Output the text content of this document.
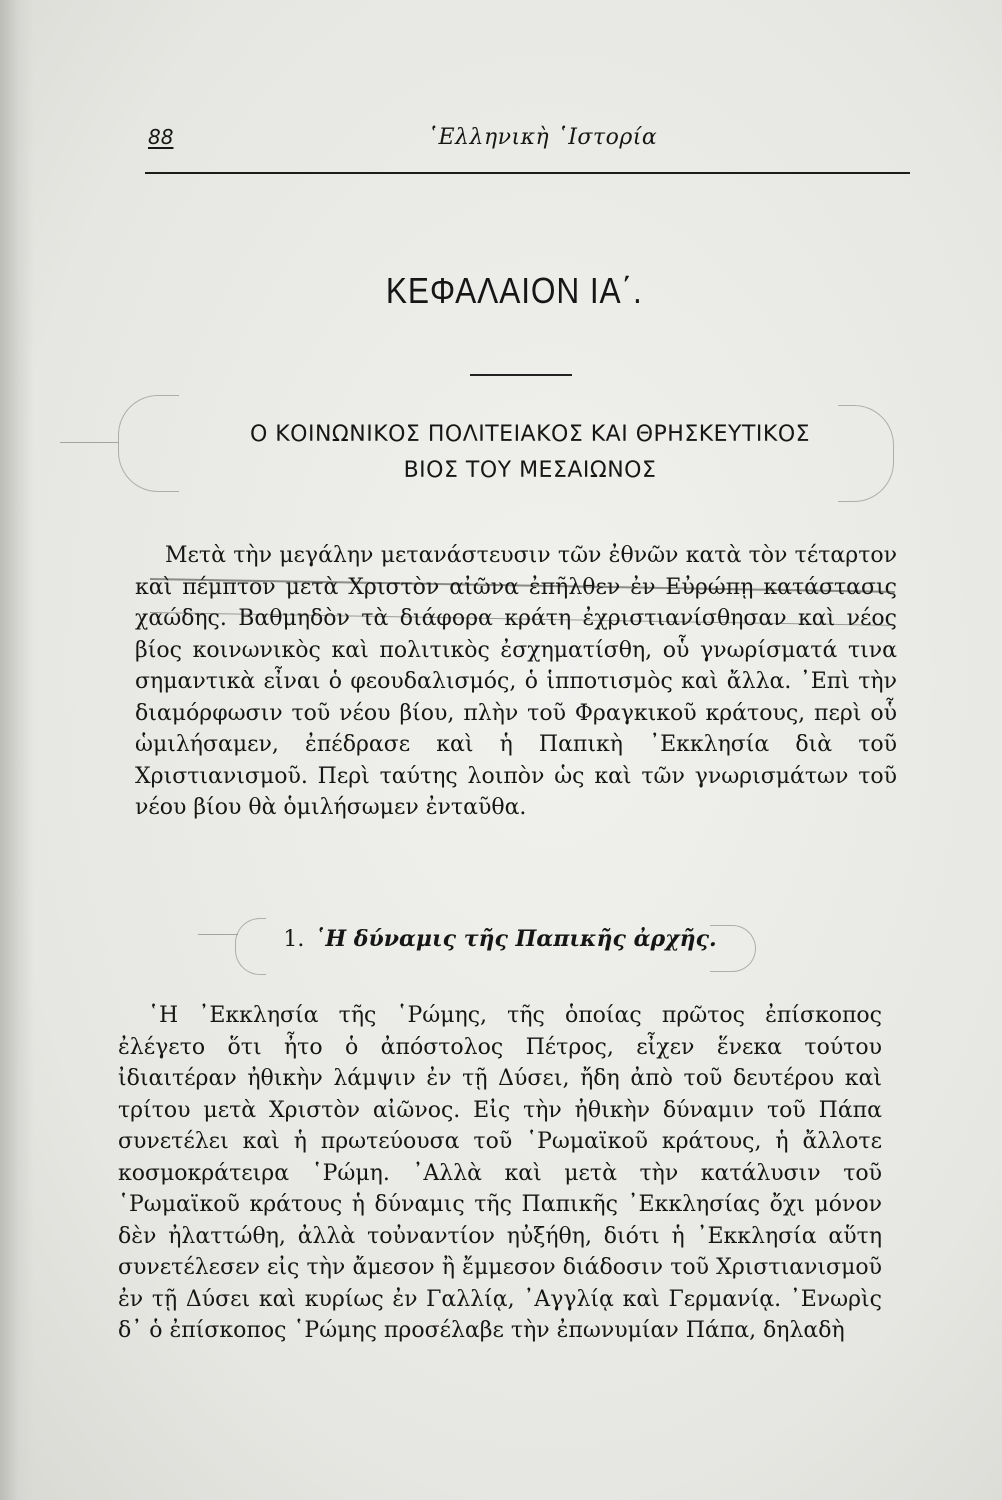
88	῾Ελληνικὴ ῾Ιστορία
ΚΕΦΑΛΑΙΟΝ ΙΑ΄.
Ο ΚΟΙΝΩΝΙΚΟΣ ΠΟΛΙΤΕΙΑΚΟΣ ΚΑΙ ΘΡΗΣΚΕΥΤΙΚΟΣ
ΒΙΟΣ ΤΟΥ ΜΕΣΑΙΩΝΟΣ

Μετὰ τὴν μεγάλην μετανάστευσιν τῶν ἐθνῶν κατὰ τὸν τέταρτον καὶ πέμπτον μετὰ Χριστὸν αἰῶνα ἐπῆλθεν ἐν Εὐρώπῃ κατάστασις χαώδης. Βαθμηδὸν τὰ διάφορα κράτη ἐχριστιανίσθησαν καὶ νέος βίος κοινωνικὸς καὶ πολιτικὸς ἐσχηματίσθη, οὗ γνωρίσματά τινα σημαντικὰ εἶναι ὁ φεουδαλισμός, ὁ ἱπποτισμὸς καὶ ἄλλα. ᾿Επὶ τὴν διαμόρφωσιν τοῦ νέου βίου, πλὴν τοῦ Φραγκικοῦ κράτους, περὶ οὗ ὡμιλήσαμεν, ἐπέδρασε καὶ ἡ Παπικὴ ᾿Εκκλησία διὰ τοῦ Χριστιανισμοῦ. Περὶ ταύτης λοιπὸν ὡς καὶ τῶν γνωρισμάτων τοῦ νέου βίου θὰ ὁμιλήσωμεν ἐνταῦθα.

1. ῾Η δύναμις τῆς Παπικῆς ἀρχῆς.

῾Η ᾿Εκκλησία τῆς ῾Ρώμης, τῆς ὁποίας πρῶτος ἐπίσκοπος ἐλέγετο ὅτι ἦτο ὁ ἀπόστολος Πέτρος, εἶχεν ἕνεκα τούτου ἰδιαιτέραν ἠθικὴν λάμψιν ἐν τῇ Δύσει, ἤδη ἀπὸ τοῦ δευτέρου καὶ τρίτου μετὰ Χριστὸν αἰῶνος. Εἰς τὴν ἠθικὴν δύναμιν τοῦ Πάπα συνετέλει καὶ ἡ πρωτεύουσα τοῦ ῾Ρωμαϊκοῦ κράτους, ἡ ἄλλοτε κοσμοκράτειρα ῾Ρώμη. ᾿Αλλὰ καὶ μετὰ τὴν κατάλυσιν τοῦ ῾Ρωμαϊκοῦ κράτους ἡ δύναμις τῆς Παπικῆς ᾿Εκκλησίας ὄχι μόνον δὲν ἠλαττώθη, ἀλλὰ τοὐναντίον ηὐξήθη, διότι ἡ ᾿Εκκλησία αὕτη συνετέλεσεν εἰς τὴν ἄμεσον ἢ ἔμμεσον διάδοσιν τοῦ Χριστιανισμοῦ ἐν τῇ Δύσει καὶ κυρίως ἐν Γαλλίᾳ, ᾿Αγγλίᾳ καὶ Γερμανίᾳ. ᾿Ενωρὶς δ᾿ ὁ ἐπίσκοπος ῾Ρώμης προσέλαβε τὴν ἐπωνυμίαν Πάπα, δηλαδὴ
